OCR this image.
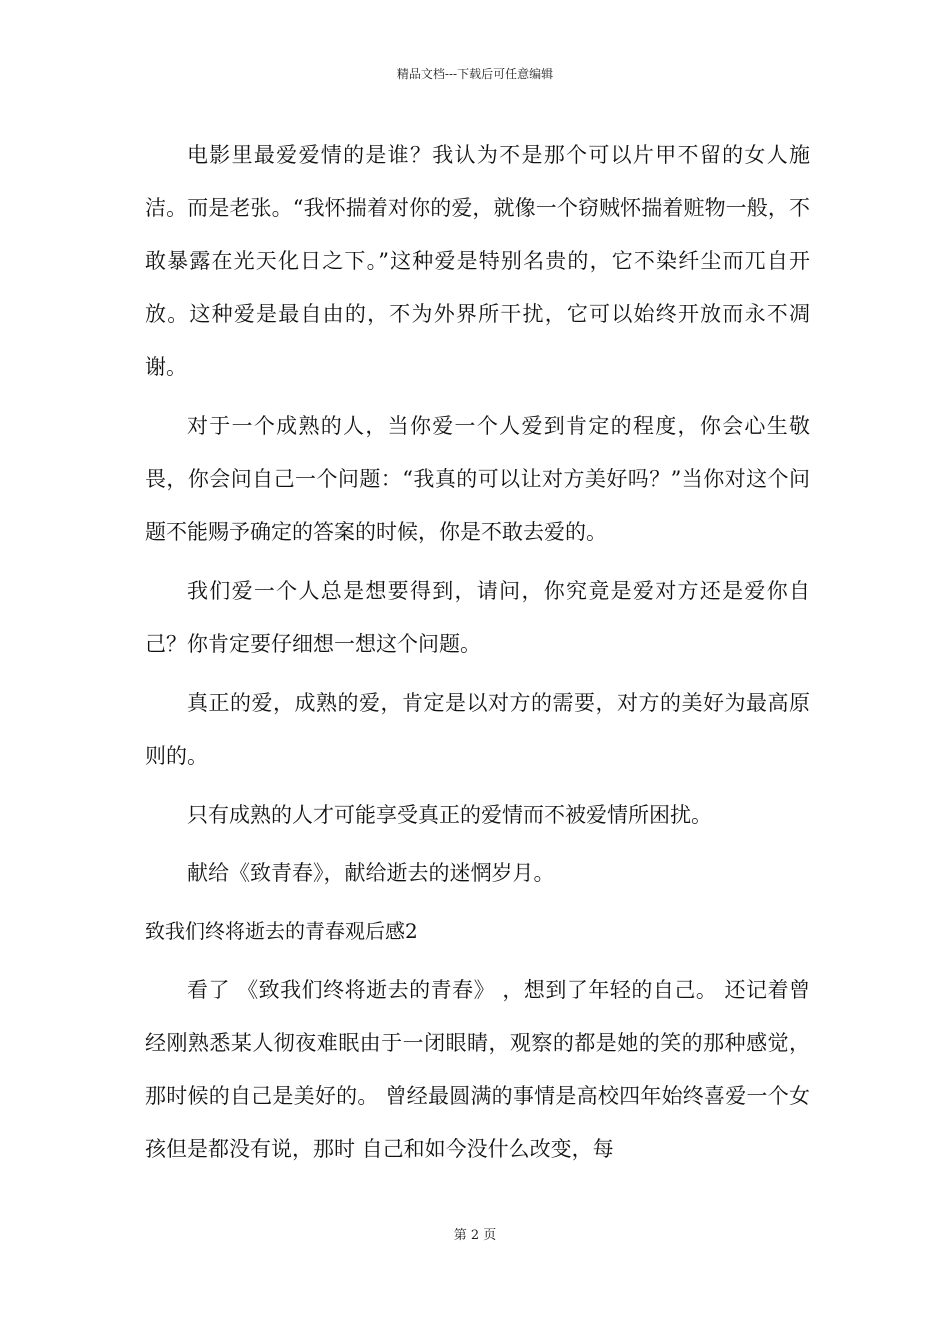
精品文档---下载后可任意编辑

电影里最爱爱情的是谁？我认为不是那个可以片甲不留的女人施洁。而是老张。“我怀揣着对你的爱，就像一个窃贼怀揣着赃物一般，不敢暴露在光天化日之下。”这种爱是特别名贵的，它不染纤尘而兀自开放。这种爱是最自由的，不为外界所干扰，它可以始终开放而永不凋谢。

对于一个成熟的人，当你爱一个人爱到肯定的程度，你会心生敬畏，你会问自己一个问题：“我真的可以让对方美好吗？”当你对这个问题不能赐予确定的答案的时候，你是不敢去爱的。

我们爱一个人总是想要得到，请问，你究竟是爱对方还是爱你自己？你肯定要仔细想一想这个问题。

真正的爱，成熟的爱，肯定是以对方的需要，对方的美好为最高原则的。

只有成熟的人才可能享受真正的爱情而不被爱情所困扰。

献给《致青春》，献给逝去的迷惘岁月。

致我们终将逝去的青春观后感2

看了 《致我们终将逝去的青春》 ，想到了年轻的自己。 还记着曾经刚熟悉某人彻夜难眠由于一闭眼睛，观察的都是她的笑的那种感觉，那时候的自己是美好的。 曾经最圆满的事情是高校四年始终喜爱一个女孩但是都没有说，那时 自己和如今没什么改变，每

第 2 页
